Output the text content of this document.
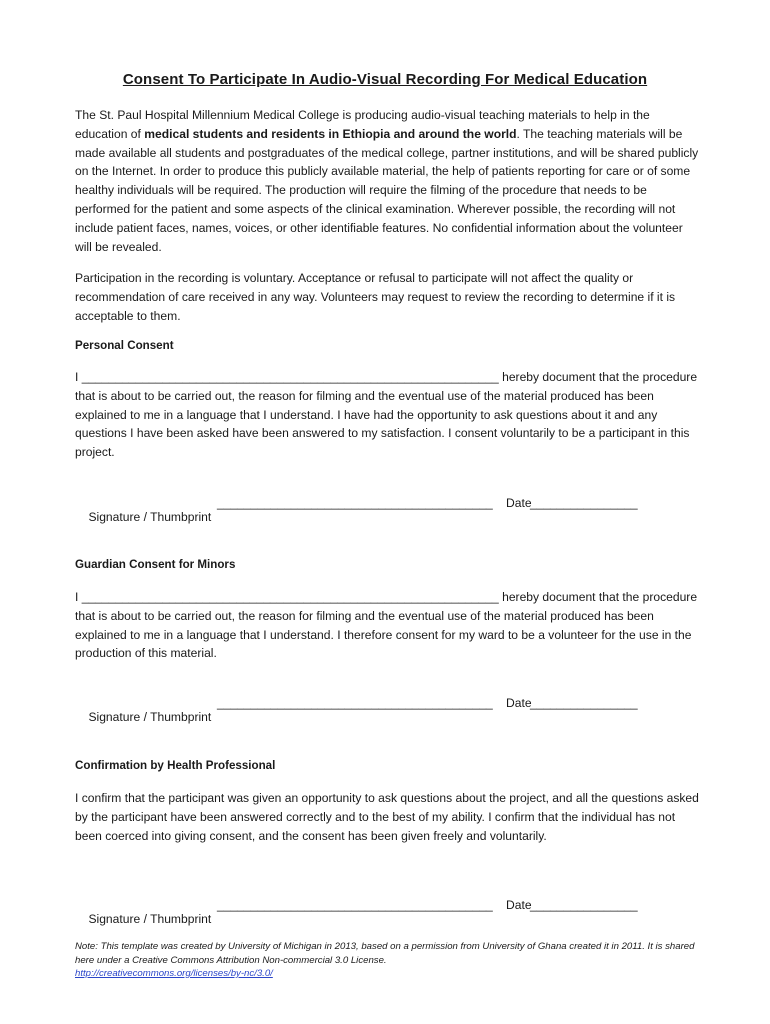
Consent To Participate In Audio-Visual Recording For Medical Education
The St. Paul Hospital Millennium Medical College is producing audio-visual teaching materials to help in the education of medical students and residents in Ethiopia and around the world. The teaching materials will be made available all students and postgraduates of the medical college, partner institutions, and will be shared publicly on the Internet. In order to produce this publicly available material, the help of patients reporting for care or of some healthy individuals will be required. The production will require the filming of the procedure that needs to be performed for the patient and some aspects of the clinical examination. Wherever possible, the recording will not include patient faces, names, voices, or other identifiable features. No confidential information about the volunteer will be revealed.
Participation in the recording is voluntary. Acceptance or refusal to participate will not affect the quality or recommendation of care received in any way. Volunteers may request to review the recording to determine if it is acceptable to them.
Personal Consent
I ______________________________________________________________ hereby document that the procedure that is about to be carried out, the reason for filming and the eventual use of the material produced has been explained to me in a language that I understand. I have had the opportunity to ask questions about it and any questions I have been asked have been answered to my satisfaction. I consent voluntarily to be a participant in this project.

Signature / Thumbprint

_________________________________________

Date

________________

Guardian Consent for Minors
I ______________________________________________________________ hereby document that the procedure that is about to be carried out, the reason for filming and the eventual use of the material produced has been explained to me in a language that I understand. I therefore consent for my ward to be a volunteer for the use in the production of this material.

Signature / Thumbprint

_________________________________________

Date

________________

Confirmation by Health Professional
I confirm that the participant was given an opportunity to ask questions about the project, and all the questions asked by the participant have been answered correctly and to the best of my ability. I confirm that the individual has not been coerced into giving consent, and the consent has been given freely and voluntarily.

Signature / Thumbprint

_________________________________________

Date

________________

Note: This template was created by University of Michigan in 2013, based on a permission from University of Ghana created it in 2011. It is shared here under a Creative Commons Attribution Non-commercial 3.0 License.
http://creativecommons.org/licenses/by-nc/3.0/
